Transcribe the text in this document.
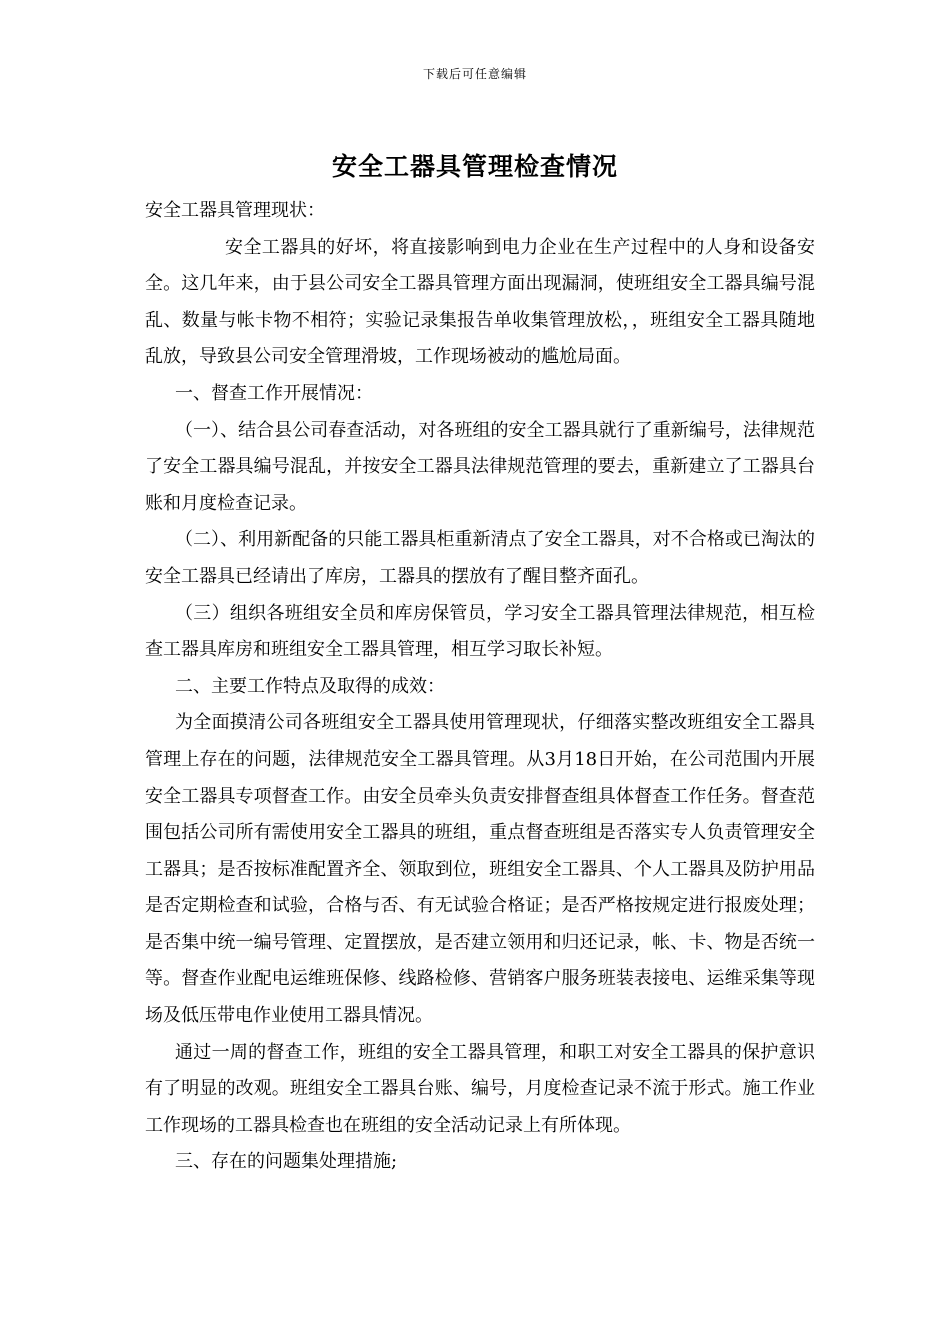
下载后可任意编辑
安全工器具管理检查情况

安全工器具管理现状：

安全工器具的好坏，将直接影响到电力企业在生产过程中的人身和设备安全。这几年来，由于县公司安全工器具管理方面出现漏洞，使班组安全工器具编号混乱、数量与帐卡物不相符；实验记录集报告单收集管理放松，，班组安全工器具随地乱放，导致县公司安全管理滑坡，工作现场被动的尴尬局面。

一、督查工作开展情况：

（一）、结合县公司春查活动，对各班组的安全工器具就行了重新编号，法律规范了安全工器具编号混乱，并按安全工器具法律规范管理的要去，重新建立了工器具台账和月度检查记录。

（二）、利用新配备的只能工器具柜重新清点了安全工器具，对不合格或已淘汰的安全工器具已经请出了库房，工器具的摆放有了醒目整齐面孔。

（三）组织各班组安全员和库房保管员，学习安全工器具管理法律规范，相互检查工器具库房和班组安全工器具管理，相互学习取长补短。

二、主要工作特点及取得的成效：

为全面摸清公司各班组安全工器具使用管理现状，仔细落实整改班组安全工器具管理上存在的问题，法律规范安全工器具管理。从3月18日开始，在公司范围内开展安全工器具专项督查工作。由安全员牵头负责安排督查组具体督查工作任务。督查范围包括公司所有需使用安全工器具的班组，重点督查班组是否落实专人负责管理安全工器具；是否按标准配置齐全、领取到位，班组安全工器具、个人工器具及防护用品是否定期检查和试验，合格与否、有无试验合格证；是否严格按规定进行报废处理；是否集中统一编号管理、定置摆放，是否建立领用和归还记录，帐、卡、物是否统一等。督查作业配电运维班保修、线路检修、营销客户服务班装表接电、运维采集等现场及低压带电作业使用工器具情况。

通过一周的督查工作，班组的安全工器具管理，和职工对安全工器具的保护意识有了明显的改观。班组安全工器具台账、编号，月度检查记录不流于形式。施工作业工作现场的工器具检查也在班组的安全活动记录上有所体现。

三、存在的问题集处理措施;
